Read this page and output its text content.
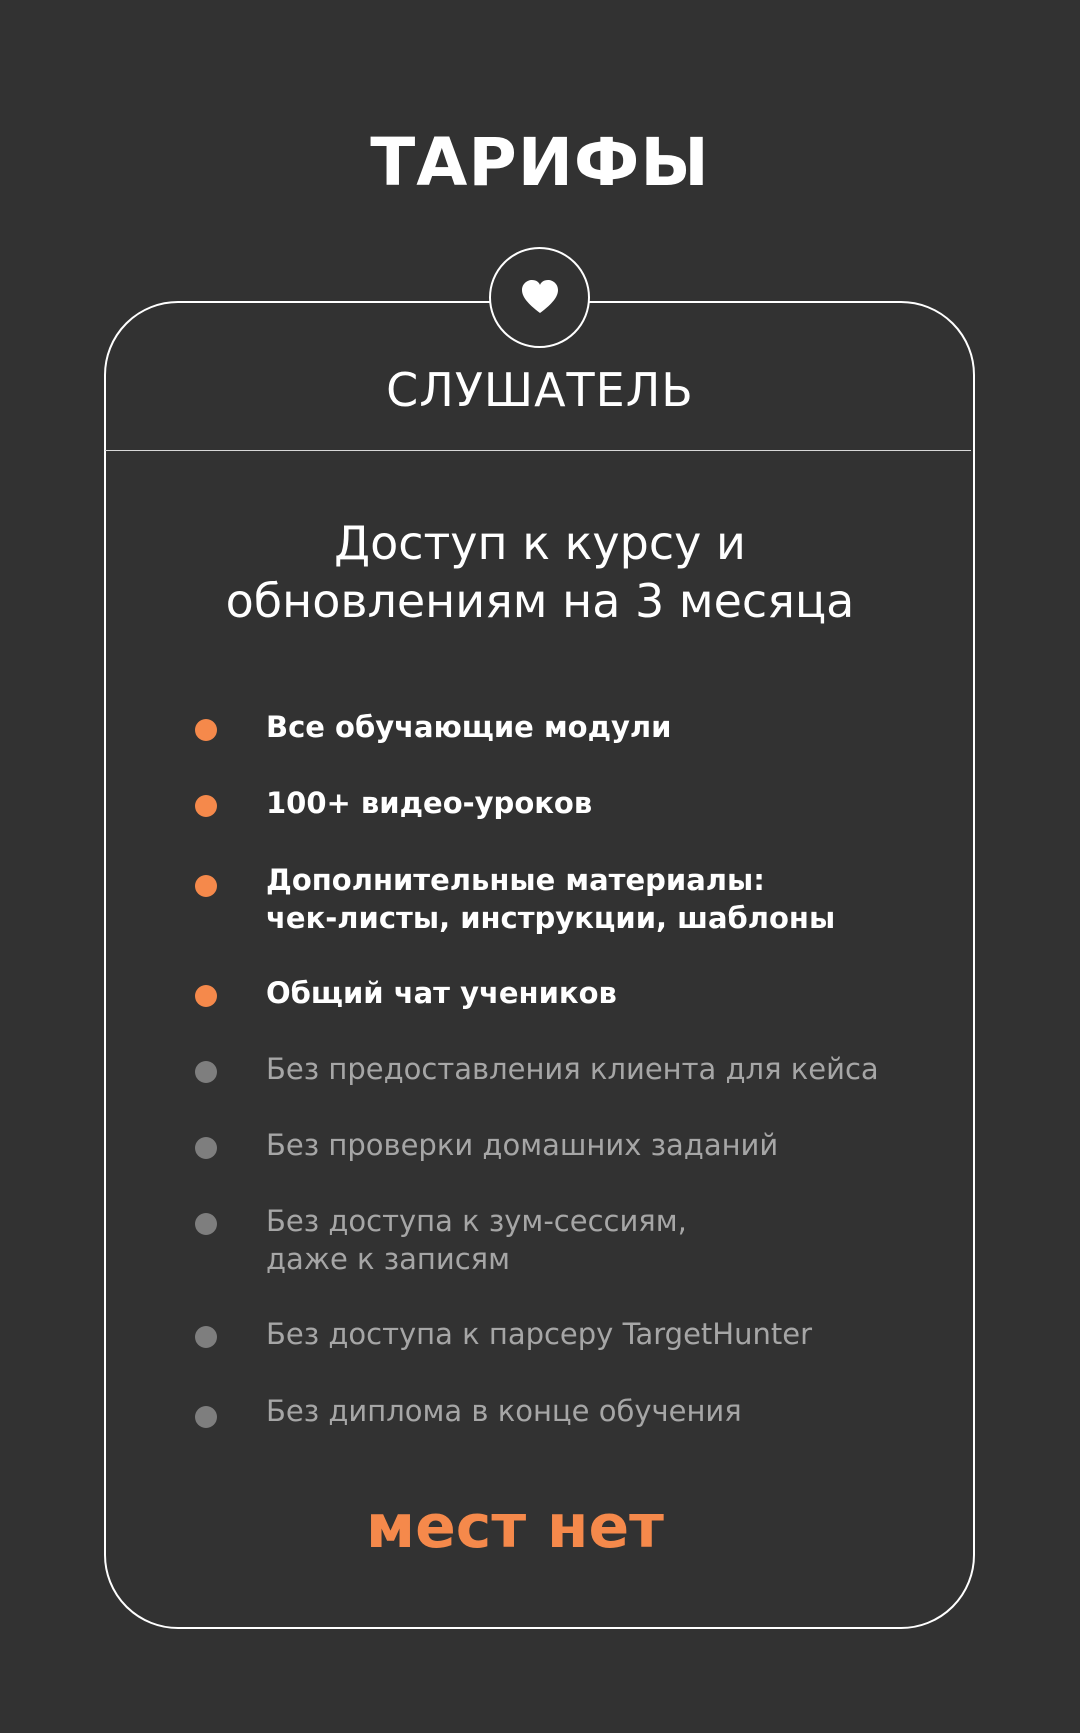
ТАРИФЫ
СЛУШАТЕЛЬ
Доступ к курсу и
обновлениям на 3 месяца
Все обучающие модули
100+ видео-уроков
Дополнительные материалы:
чек-листы, инструкции, шаблоны
Общий чат учеников
Без предоставления клиента для кейса
Без проверки домашних заданий
Без доступа к зум-сессиям,
даже к записям
Без доступа к парсеру TargetHunter
Без диплома в конце обучения
мест нет
